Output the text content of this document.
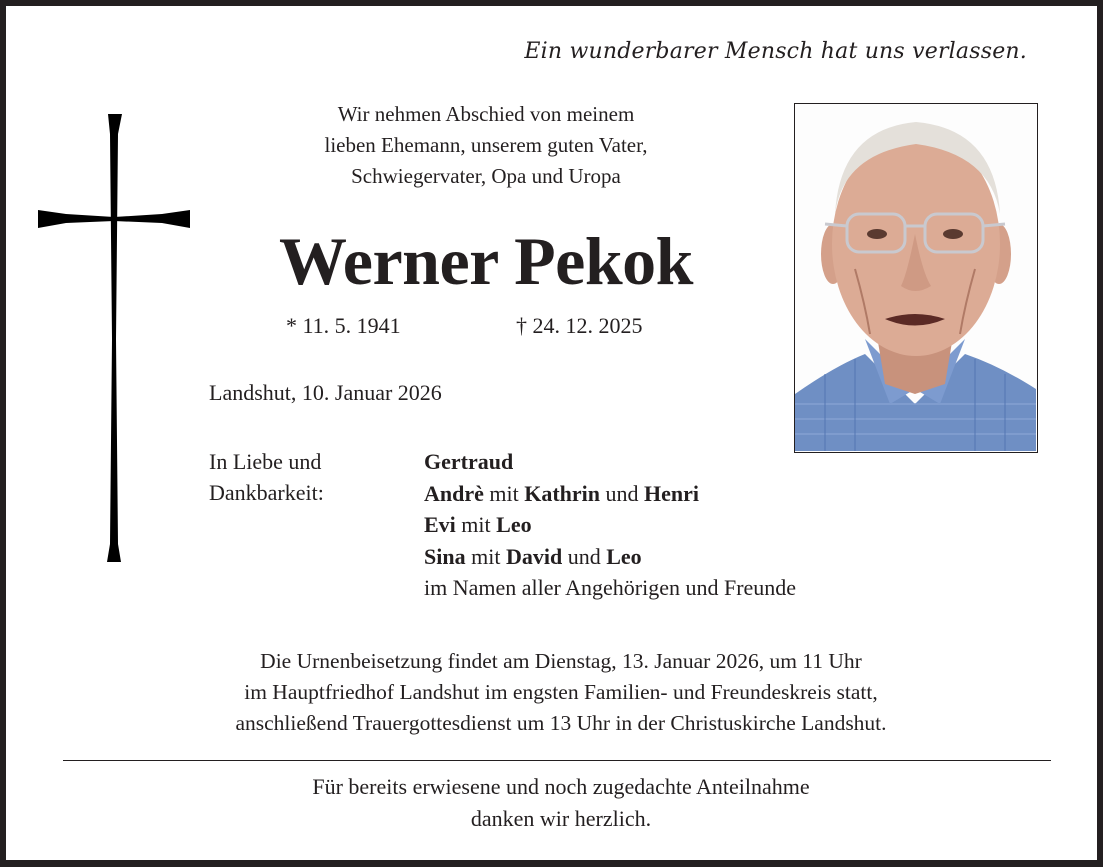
Ein wunderbarer Mensch hat uns verlassen.
Wir nehmen Abschied von meinem
lieben Ehemann, unserem guten Vater,
Schwiegervater, Opa und Uropa
Werner Pekok
* 11. 5. 1941	† 24. 12. 2025
Landshut, 10. Januar 2026
In Liebe und
Dankbarkeit:
Gertraud
Andrè mit Kathrin und Henri
Evi mit Leo
Sina mit David und Leo
im Namen aller Angehörigen und Freunde
Die Urnenbeisetzung findet am Dienstag, 13. Januar 2026, um 11 Uhr
im Hauptfriedhof Landshut im engsten Familien- und Freundeskreis statt,
anschließend Trauergottesdienst um 13 Uhr in der Christuskirche Landshut.
Für bereits erwiesene und noch zugedachte Anteilnahme
danken wir herzlich.
